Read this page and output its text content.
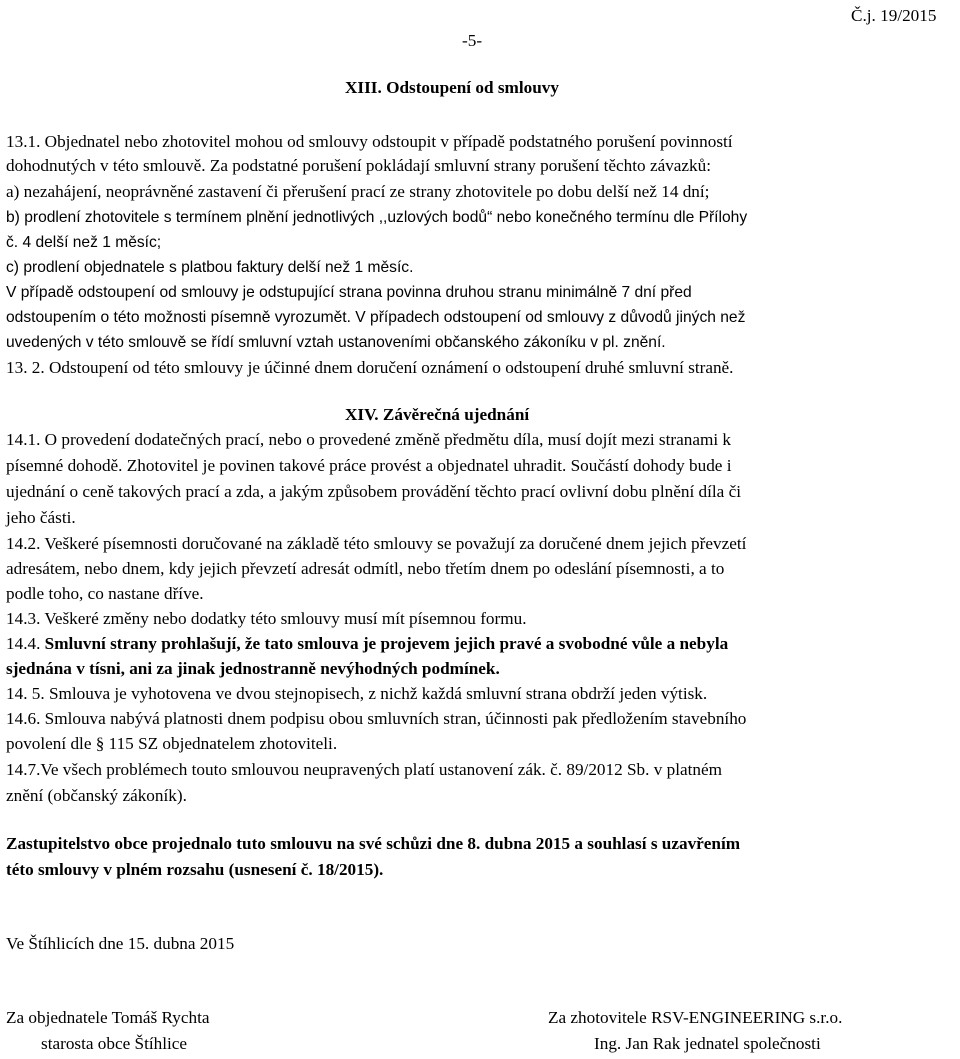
-5-
Č.j. 19/2015
XIII. Odstoupení od smlouvy
13.1. Objednatel nebo zhotovitel mohou od smlouvy odstoupit v případě podstatného porušení povinností
dohodnutých v této smlouvě. Za podstatné porušení pokládají smluvní strany porušení těchto závazků:
a) nezahájení, neoprávněné zastavení či přerušení prací ze strany zhotovitele po dobu delší než 14 dní;
b) prodlení zhotovitele s termínem plnění jednotlivých ,,uzlových bodů“ nebo konečného termínu dle Přílohy
č. 4 delší než 1 měsíc;
c) prodlení objednatele s platbou faktury delší než 1 měsíc.
V případě odstoupení od smlouvy je odstupující strana povinna druhou stranu minimálně 7 dní před
odstoupením o této možnosti písemně vyrozumět. V případech odstoupení od smlouvy z důvodů jiných než
uvedených v této smlouvě se řídí smluvní vztah ustanoveními občanského zákoníku v pl. znění.
13. 2. Odstoupení od této smlouvy je účinné dnem doručení oznámení o odstoupení druhé smluvní straně.
XIV. Závěrečná ujednání
14.1. O provedení dodatečných prací, nebo o provedené změně předmětu díla, musí dojít mezi stranami k
písemné dohodě. Zhotovitel je povinen takové práce provést a objednatel uhradit. Součástí dohody bude i
ujednání o ceně takových prací a zda, a jakým způsobem provádění těchto prací ovlivní dobu plnění díla či
jeho části.
14.2. Veškeré písemnosti doručované na základě této smlouvy se považují za doručené dnem jejich převzetí
adresátem, nebo dnem, kdy jejich převzetí adresát odmítl, nebo třetím dnem po odeslání písemnosti, a to
podle toho, co nastane dříve.
14.3. Veškeré změny nebo dodatky této smlouvy musí mít písemnou formu.
14.4. Smluvní strany prohlašují, že tato smlouva je projevem jejich pravé a svobodné vůle a nebyla
sjednána v tísni, ani za jinak jednostranně nevýhodných podmínek.
14. 5. Smlouva je vyhotovena ve dvou stejnopisech, z nichž každá smluvní strana obdrží jeden výtisk.
14.6. Smlouva nabývá platnosti dnem podpisu obou smluvních stran, účinnosti pak předložením stavebního
povolení dle § 115 SZ objednatelem zhotoviteli.
14.7.Ve všech problémech touto smlouvou neupravených platí ustanovení zák. č. 89/2012 Sb. v platném
znění (občanský zákoník).
Zastupitelstvo obce projednalo tuto smlouvu na své schůzi dne 8. dubna 2015 a souhlasí s uzavřením
této smlouvy v plném rozsahu (usnesení č. 18/2015).
Ve Štíhlicích dne 15. dubna 2015
Za objednatele Tomáš Rychta
starosta obce Štíhlice
Za zhotovitele RSV-ENGINEERING s.r.o.
Ing. Jan Rak jednatel společnosti
